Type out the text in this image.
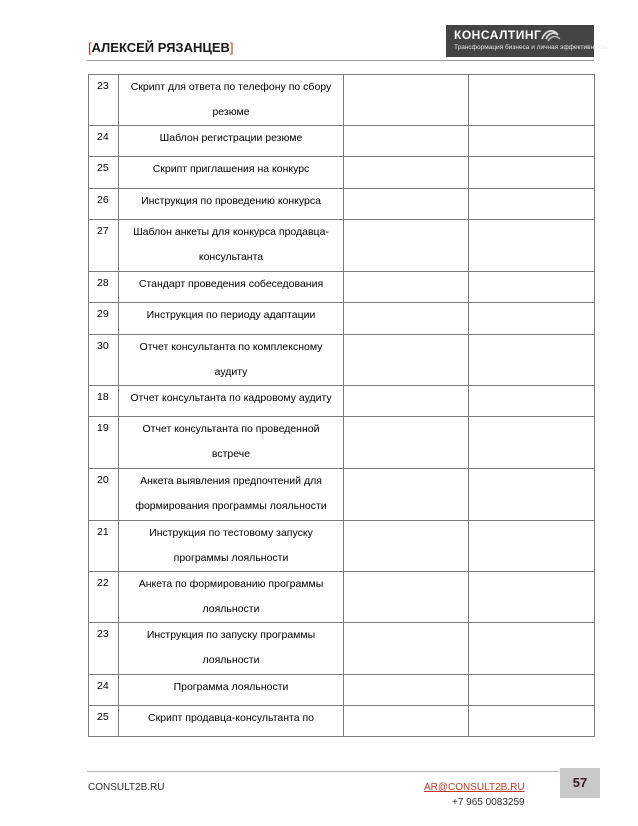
[АЛЕКСЕЙ РЯЗАНЦЕВ]
КОНСАЛТИНГ
Трансформация бизнеса и личная эффективность
23	Скрипт для ответа по телефону по сбору
резюме		

24	Шаблон регистрации резюме		

25	Скрипт приглашения на конкурс		

26	Инструкция по проведению конкурса		

27	Шаблон анкеты для конкурса продавца-
консультанта		

28	Стандарт проведения собеседования		

29	Инструкция по периоду адаптации		

30	Отчет консультанта по комплексному
аудиту		

18	Отчет консультанта по кадровому аудиту		

19	Отчет консультанта по проведенной
встрече		

20	Анкета выявления предпочтений для
формирования программы лояльности		

21	Инструкция по тестовому запуску
программы лояльности		

22	Анкета по формированию программы
лояльности		

23	Инструкция по запуску программы
лояльности		

24	Программа лояльности		

25	Скрипт продавца-консультанта по		

CONSULT2B.RU	AR@CONSULT2B.RU
+7 965 0083259
57
